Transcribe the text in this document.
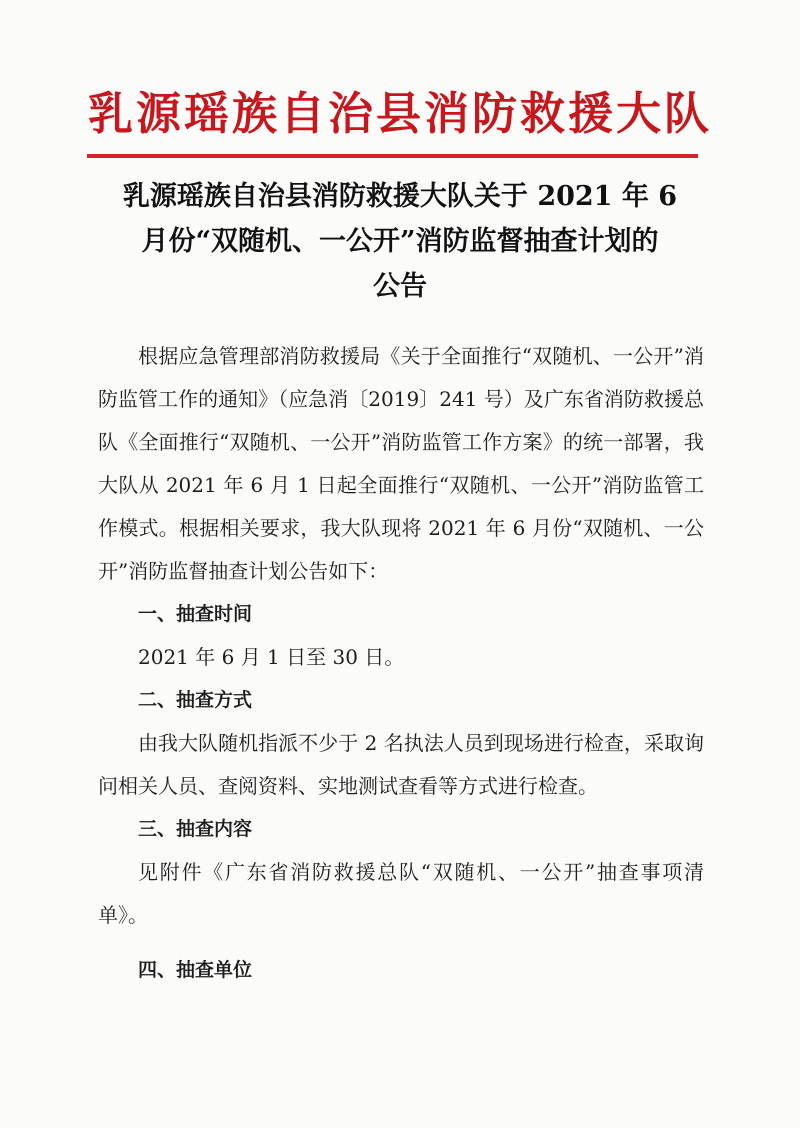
乳源瑶族自治县消防救援大队
乳源瑶族自治县消防救援大队关于 2021 年 6
月份“双随机、一公开”消防监督抽查计划的
公告

根据应急管理部消防救援局《关于全面推行“双随机、一公开”消防监管工作的通知》（应急消〔2019〕241 号）及广东省消防救援总队《全面推行“双随机、一公开”消防监管工作方案》的统一部署，我大队从 2021 年 6 月 1 日起全面推行“双随机、一公开”消防监管工作模式。根据相关要求，我大队现将 2021 年 6 月份“双随机、一公开”消防监督抽查计划公告如下：

一、抽查时间

2021 年 6 月 1 日至 30 日。

二、抽查方式

由我大队随机指派不少于 2 名执法人员到现场进行检查，采取询问相关人员、查阅资料、实地测试查看等方式进行检查。

三、抽查内容

见附件《广东省消防救援总队“双随机、一公开”抽查事项清单》。

四、抽查单位
